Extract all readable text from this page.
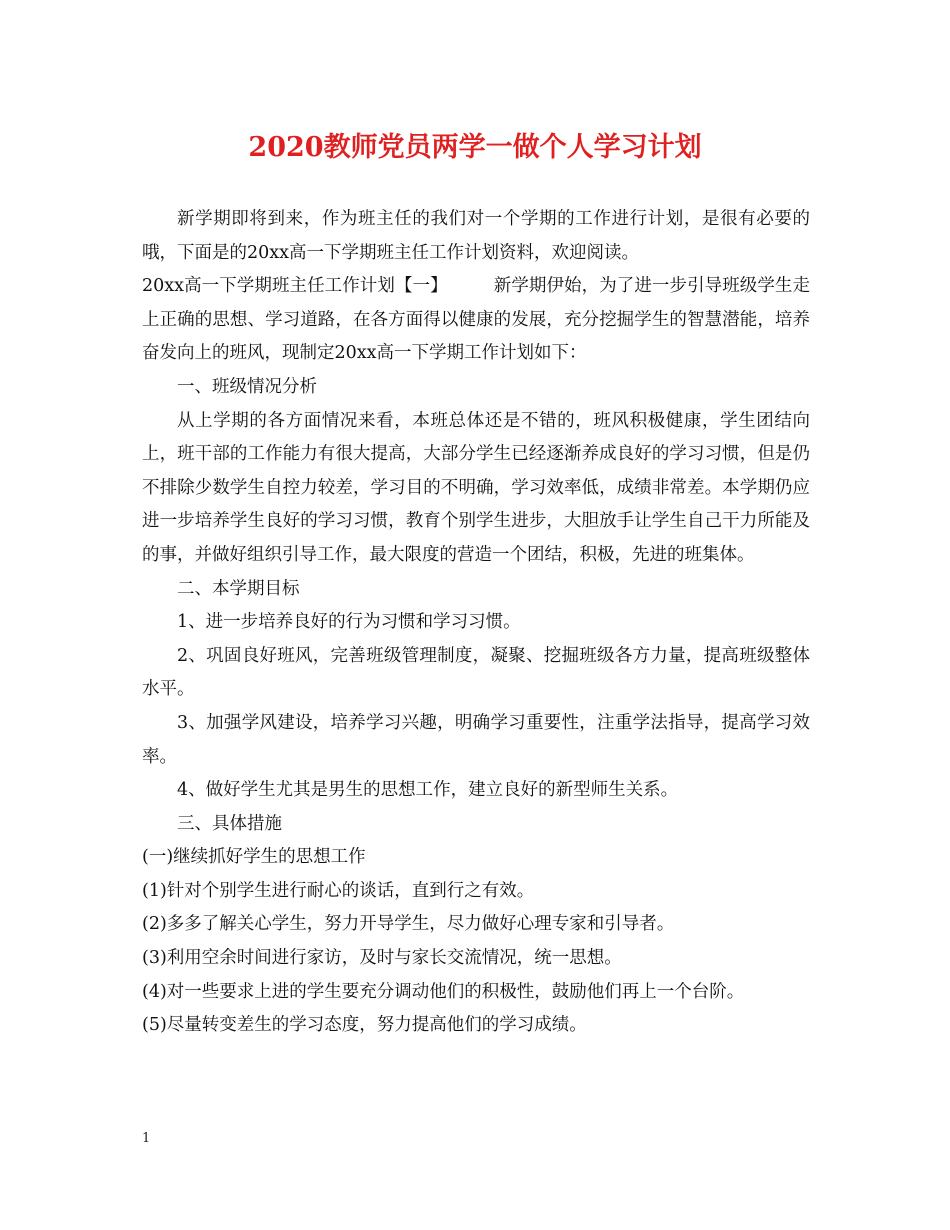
2020教师党员两学一做个人学习计划

新学期即将到来，作为班主任的我们对一个学期的工作进行计划，是很有必要的哦，下面是的20xx高一下学期班主任工作计划资料，欢迎阅读。

20xx高一下学期班主任工作计划【一】	新学期伊始，为了进一步引导班级学生走上正确的思想、学习道路，在各方面得以健康的发展，充分挖掘学生的智慧潜能，培养奋发向上的班风，现制定20xx高一下学期工作计划如下：

一、班级情况分析

从上学期的各方面情况来看，本班总体还是不错的，班风积极健康，学生团结向上，班干部的工作能力有很大提高，大部分学生已经逐渐养成良好的学习习惯，但是仍不排除少数学生自控力较差，学习目的不明确，学习效率低，成绩非常差。本学期仍应进一步培养学生良好的学习习惯，教育个别学生进步，大胆放手让学生自己干力所能及的事，并做好组织引导工作，最大限度的营造一个团结，积极，先进的班集体。

二、本学期目标

1、进一步培养良好的行为习惯和学习习惯。

2、巩固良好班风，完善班级管理制度，凝聚、挖掘班级各方力量，提高班级整体水平。

3、加强学风建设，培养学习兴趣，明确学习重要性，注重学法指导，提高学习效率。

4、做好学生尤其是男生的思想工作，建立良好的新型师生关系。

三、具体措施

(一)继续抓好学生的思想工作

(1)针对个别学生进行耐心的谈话，直到行之有效。

(2)多多了解关心学生，努力开导学生，尽力做好心理专家和引导者。

(3)利用空余时间进行家访，及时与家长交流情况，统一思想。

(4)对一些要求上进的学生要充分调动他们的积极性，鼓励他们再上一个台阶。

(5)尽量转变差生的学习态度，努力提高他们的学习成绩。

1
